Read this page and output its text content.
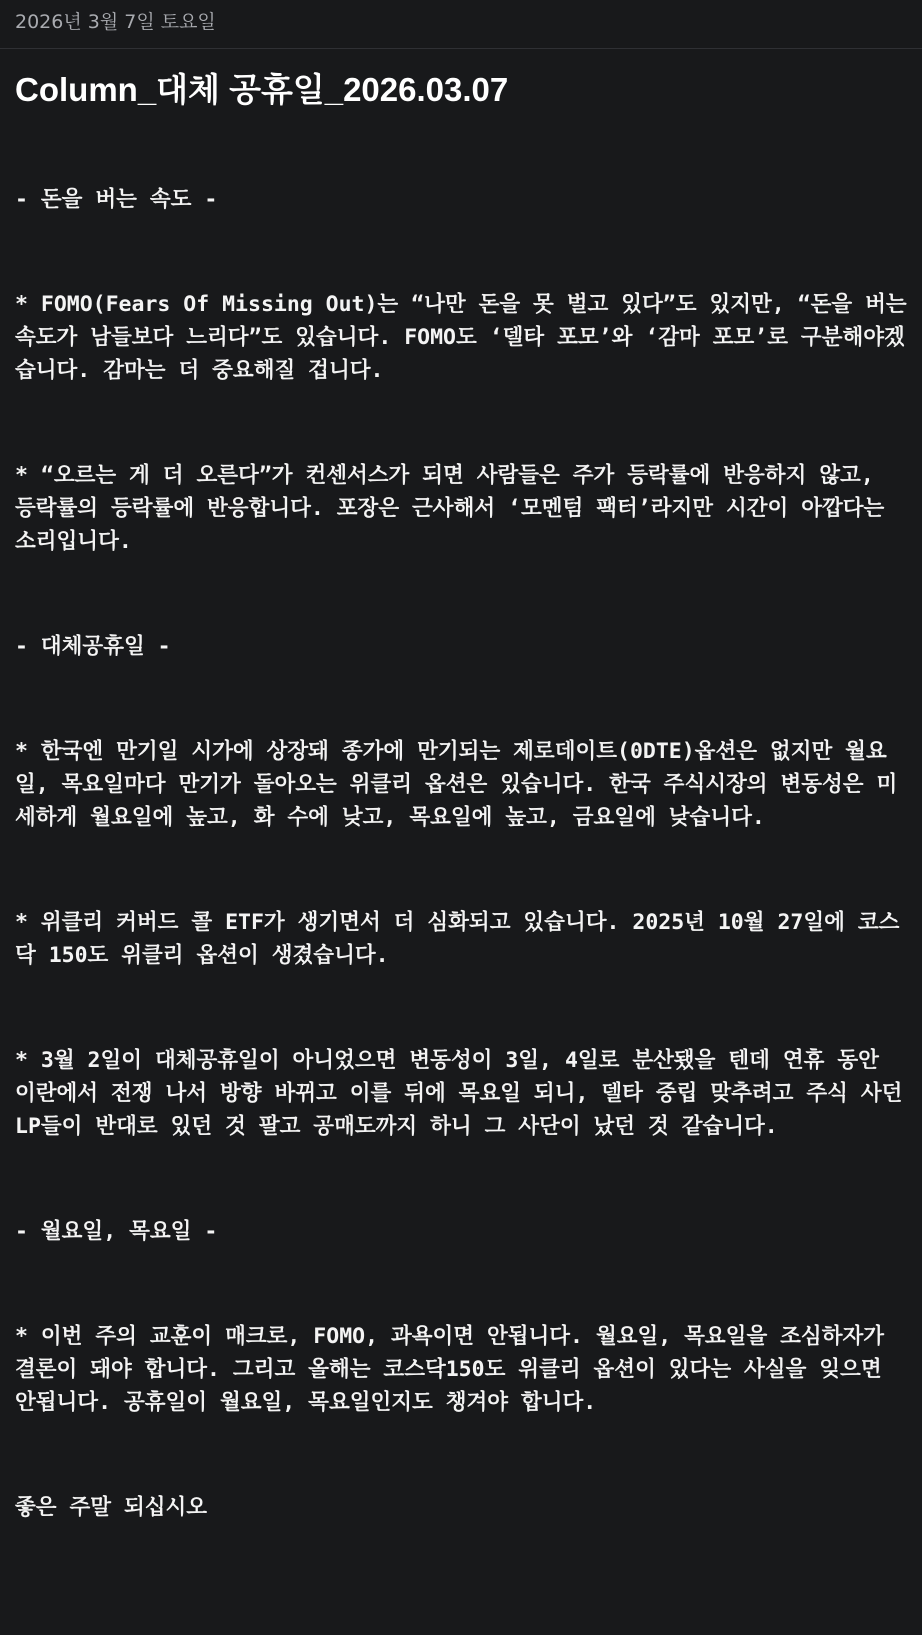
2026년 3월 7일 토요일
Column_대체 공휴일_2026.03.07

- 돈을 버는 속도 -

* FOMO(Fears Of Missing Out)는 “나만 돈을 못 벌고 있다”도 있지만, “돈을 버는 속도가 남들보다 느리다”도 있습니다. FOMO도 ‘델타 포모’와 ‘감마 포모’로 구분해야겠습니다. 감마는 더 중요해질 겁니다.

* “오르는 게 더 오른다”가 컨센서스가 되면 사람들은 주가 등락률에 반응하지 않고, 등락률의 등락률에 반응합니다. 포장은 근사해서 ‘모멘텀 팩터’라지만 시간이 아깝다는 소리입니다.

- 대체공휴일 -

* 한국엔 만기일 시가에 상장돼 종가에 만기되는 제로데이트(0DTE)옵션은 없지만 월요일, 목요일마다 만기가 돌아오는 위클리 옵션은 있습니다. 한국 주식시장의 변동성은 미세하게 월요일에 높고, 화 수에 낮고, 목요일에 높고, 금요일에 낮습니다.

* 위클리 커버드 콜 ETF가 생기면서 더 심화되고 있습니다. 2025년 10월 27일에 코스닥 150도 위클리 옵션이 생겼습니다.

* 3월 2일이 대체공휴일이 아니었으면 변동성이 3일, 4일로 분산됐을 텐데 연휴 동안 이란에서 전쟁 나서 방향 바뀌고 이를 뒤에 목요일 되니, 델타 중립 맞추려고 주식 사던 LP들이 반대로 있던 것 팔고 공매도까지 하니 그 사단이 났던 것 같습니다.

- 월요일, 목요일 -

* 이번 주의 교훈이 매크로, FOMO, 과욕이면 안됩니다. 월요일, 목요일을 조심하자가 결론이 돼야 합니다. 그리고 올해는 코스닥150도 위클리 옵션이 있다는 사실을 잊으면 안됩니다. 공휴일이 월요일, 목요일인지도 챙겨야 합니다.

좋은 주말 되십시오
